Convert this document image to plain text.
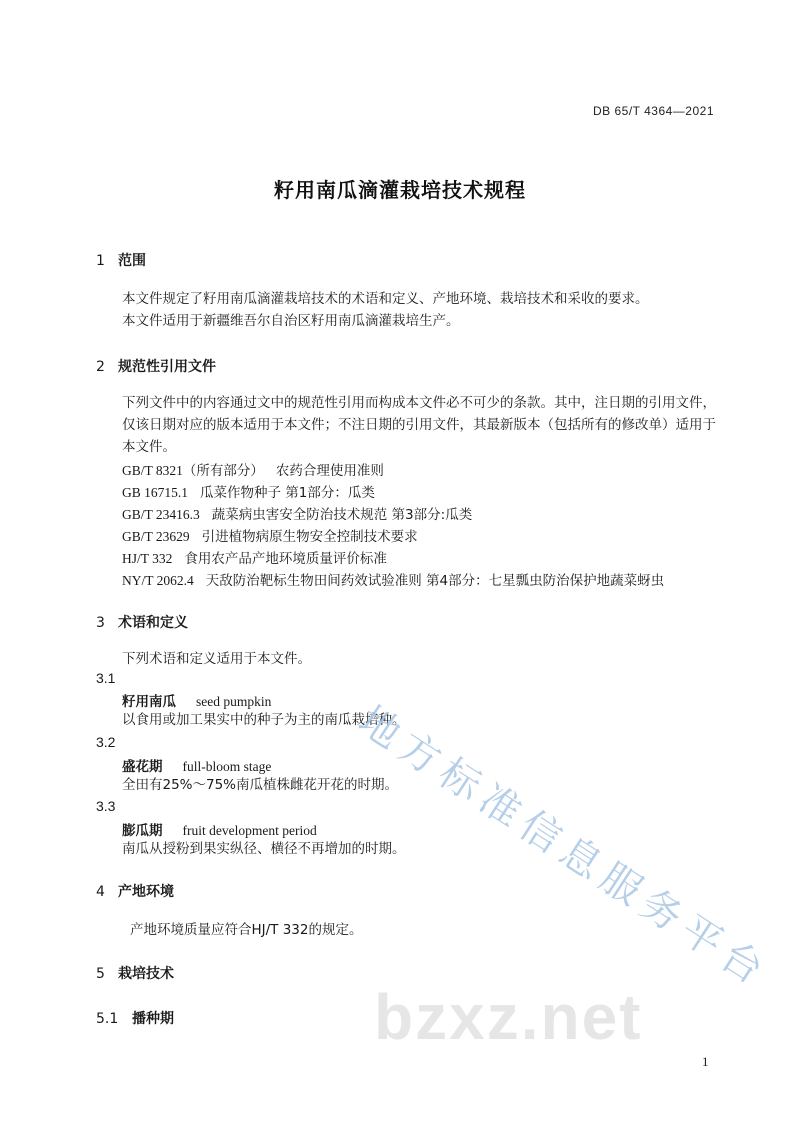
DB 65/T 4364—2021
籽用南瓜滴灌栽培技术规程
1 范围
本文件规定了籽用南瓜滴灌栽培技术的术语和定义、产地环境、栽培技术和采收的要求。
本文件适用于新疆维吾尔自治区籽用南瓜滴灌栽培生产。
2 规范性引用文件
下列文件中的内容通过文中的规范性引用而构成本文件必不可少的条款。其中，注日期的引用文件，仅该日期对应的版本适用于本文件；不注日期的引用文件，其最新版本（包括所有的修改单）适用于本文件。
GB/T 8321（所有部分） 农药合理使用准则
GB 16715.1 瓜菜作物种子 第1部分：瓜类
GB/T 23416.3 蔬菜病虫害安全防治技术规范 第3部分:瓜类
GB/T 23629 引进植物病原生物安全控制技术要求
HJ/T 332 食用农产品产地环境质量评价标准
NY/T 2062.4 天敌防治靶标生物田间药效试验准则 第4部分：七星瓢虫防治保护地蔬菜蚜虫
3 术语和定义
下列术语和定义适用于本文件。
3.1
籽用南瓜 seed pumpkin
以食用或加工果实中的种子为主的南瓜栽培种。
3.2
盛花期 full-bloom stage
全田有25%～75%南瓜植株雌花开花的时期。
3.3
膨瓜期 fruit development period
南瓜从授粉到果实纵径、横径不再增加的时期。
4 产地环境
产地环境质量应符合HJ/T 332的规定。
5 栽培技术
5.1 播种期
地方标准信息服务平台
bzxz.net
1
